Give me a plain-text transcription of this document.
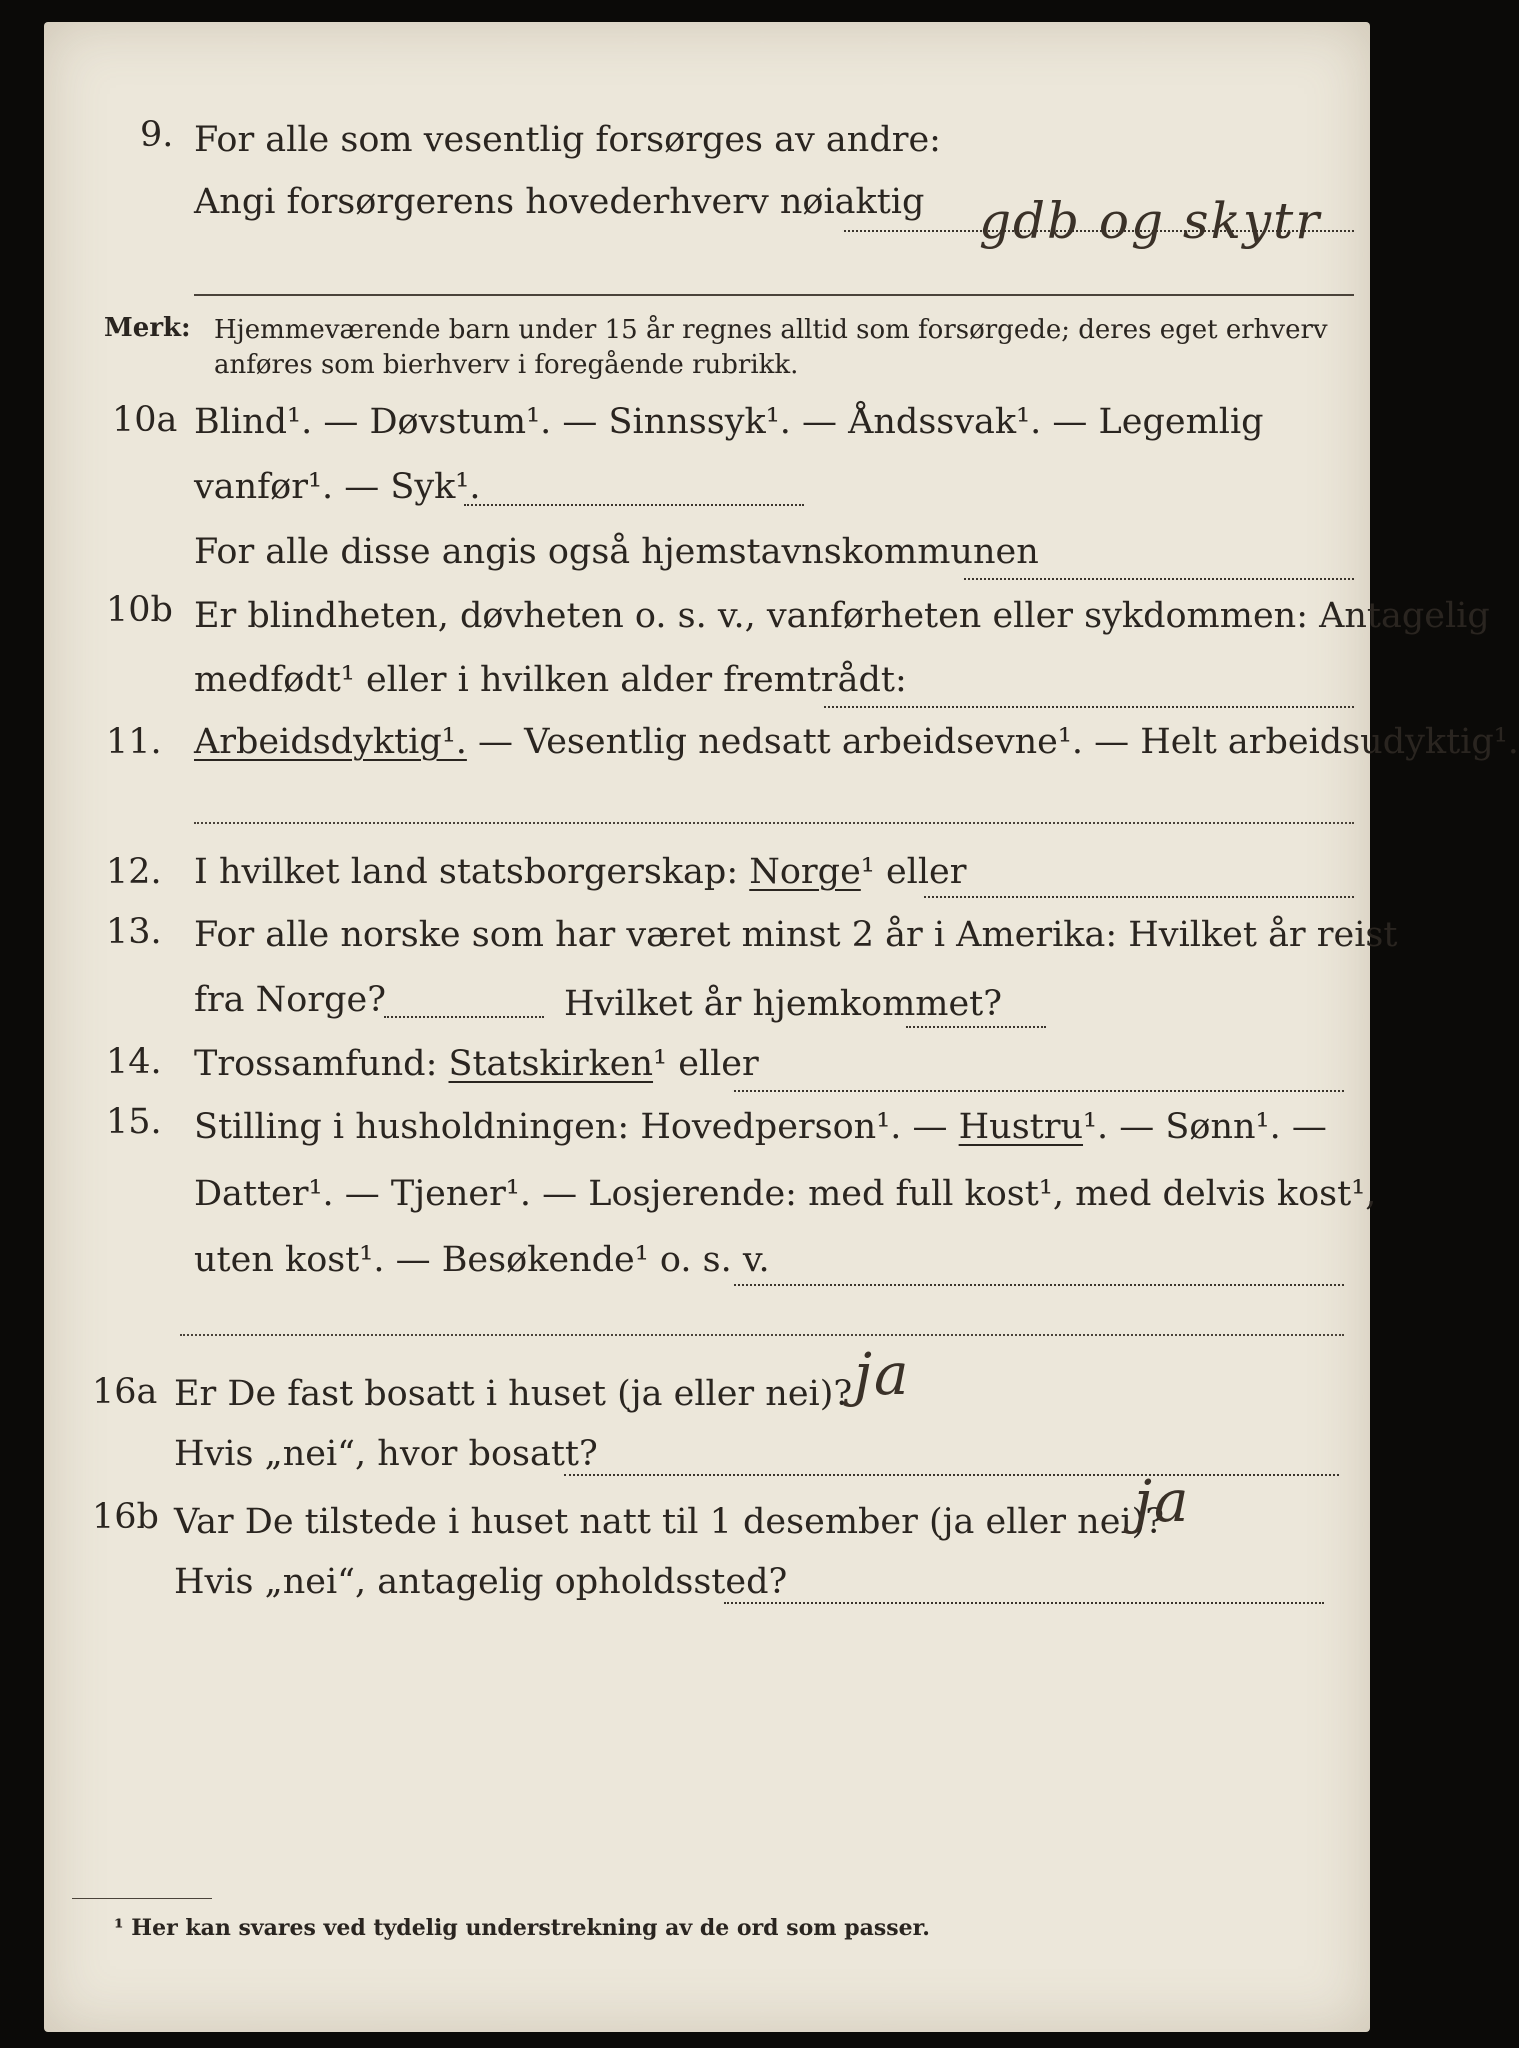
9. For alle som vesentlig forsørges av andre:
Angi forsørgerens hovederhverv nøiaktig gdb og skytr
Merk: Hjemmeværende barn under 15 år regnes alltid som forsørgede; deres eget erhverv
anføres som bierhverv i foregående rubrikk.
10a Blind¹. — Døvstum¹. — Sinnssyk¹. — Åndssvak¹. — Legemlig
vanfør¹. — Syk¹.
For alle disse angis også hjemstavnskommunen
10b Er blindheten, døvheten o. s. v., vanførheten eller sykdommen: Antagelig
medfødt¹ eller i hvilken alder fremtrådt:
11. Arbeidsdyktig¹. — Vesentlig nedsatt arbeidsevne¹. — Helt arbeidsudyktig¹.
12. I hvilket land statsborgerskap: Norge¹ eller
13. For alle norske som har været minst 2 år i Amerika: Hvilket år reist
fra Norge?	Hvilket år hjemkommet?
14. Trossamfund: Statskirken¹ eller
15. Stilling i husholdningen: Hovedperson¹. — Hustru¹. — Sønn¹. —
Datter¹. — Tjener¹. — Losjerende: med full kost¹, med delvis kost¹,
uten kost¹. — Besøkende¹ o. s. v.
16a Er De fast bosatt i huset (ja eller nei)? ja
Hvis „nei“, hvor bosatt?
16b Var De tilstede i huset natt til 1 desember (ja eller nei)?
ja
Hvis „nei“, antagelig opholdssted?
¹ Her kan svares ved tydelig understrekning av de ord som passer.
